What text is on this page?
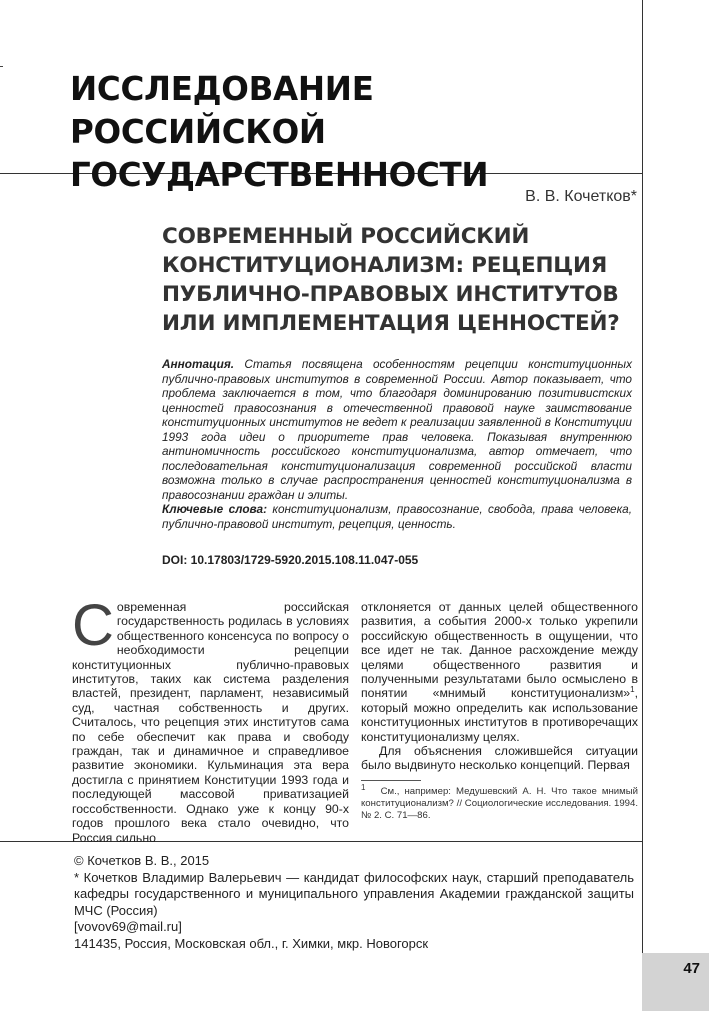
ИССЛЕДОВАНИЕ РОССИЙСКОЙ
ГОСУДАРСТВЕННОСТИ
В. В. Кочетков*
СОВРЕМЕННЫЙ РОССИЙСКИЙ
КОНСТИТУЦИОНАЛИЗМ: РЕЦЕПЦИЯ
ПУБЛИЧНО-ПРАВОВЫХ ИНСТИТУТОВ
ИЛИ ИМПЛЕМЕНТАЦИЯ ЦЕННОСТЕЙ?
Аннотация. Статья посвящена особенностям рецепции конституционных публично-правовых институтов в современной России. Автор показывает, что проблема заключается в том, что благодаря доминированию позитивистских ценностей правосознания в отечественной правовой науке заимствование конституционных институтов не ведет к реализации заявленной в Конституции 1993 года идеи о приоритете прав человека. Показывая внутреннюю антиномичность российского конституционализма, автор отмечает, что последовательная конституционализация современной российской власти возможна только в случае распространения ценностей конституционализма в правосознании граждан и элиты.
Ключевые слова: конституционализм, правосознание, свобода, права человека, публично-правовой институт, рецепция, ценность.
DOI: 10.17803/1729-5920.2015.108.11.047-055

Современная российская государственность родилась в условиях общественного консенсуса по вопросу о необходимости рецепции конституционных публично-правовых институтов, таких как система разделения властей, президент, парламент, независимый суд, частная собственность и других. Считалось, что рецепция этих институтов сама по себе обеспечит как права и свободу граждан, так и динамичное и справедливое развитие экономики. Кульминация эта вера достигла с принятием Конституции 1993 года и последующей массовой приватизацией госсобственности. Однако уже к концу 90-х годов прошлого века стало очевидно, что Россия сильно

отклоняется от данных целей общественного развития, а события 2000-х только укрепили российскую общественность в ощущении, что все идет не так. Данное расхождение между целями общественного развития и полученными результатами было осмыслено в понятии «мнимый конституционализм»$^1$, который можно определить как использование конституционных институтов в противоречащих конституционализму целях.

Для объяснения сложившейся ситуации было выдвинуто несколько концепций. Первая

$^1$ См., например: Медушевский А. Н. Что такое мнимый конституционализм? // Социологические исследования. 1994. № 2. С. 71—86.
© Кочетков В. В., 2015
* Кочетков Владимир Валерьевич — кандидат философских наук, старший преподаватель кафедры государственного и муниципального управления Академии гражданской защиты МЧС (Россия)
[vovov69@mail.ru]
141435, Россия, Московская обл., г. Химки, мкр. Новогорск
47
